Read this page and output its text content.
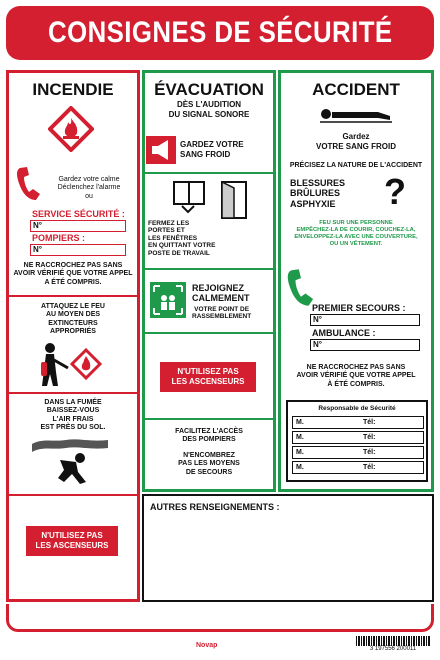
CONSIGNES DE SÉCURITÉ
INCENDIE
Gardez votre calme
Déclenchez l'alarme
ou
SERVICE SÉCURITÉ :
N°
POMPIERS :
N°
NE RACCROCHEZ PAS SANS
AVOIR VÉRIFIÉ QUE VOTRE APPEL
A ÉTÉ COMPRIS.
ATTAQUEZ LE FEU
AU MOYEN DES
EXTINCTEURS
APPROPRIÉS
DANS LA FUMÉE
BAISSEZ-VOUS
L'AIR FRAIS
EST PRÈS DU SOL.
N'UTILISEZ PAS
LES ASCENSEURS
ÉVACUATION
DÈS L'AUDITION
DU SIGNAL SONORE
GARDEZ VOTRE
SANG FROID
FERMEZ LES
PORTES ET
LES FENÊTRES
EN QUITTANT VOTRE
POSTE DE TRAVAIL
REJOIGNEZ
CALMEMENT
VOTRE POINT DE
RASSEMBLEMENT
N'UTILISEZ PAS
LES ASCENSEURS
FACILITEZ L'ACCÈS
DES POMPIERS
N'ENCOMBREZ
PAS LES MOYENS
DE SECOURS
ACCIDENT
Gardez
VOTRE SANG FROID
PRÉCISEZ LA NATURE DE L'ACCIDENT
BLESSURES
BRÛLURES
ASPHYXIE ?
FEU SUR UNE PERSONNE
EMPÊCHEZ-LA DE COURIR, COUCHEZ-LA,
ENVELOPPEZ-LA AVEC UNE COUVERTURE,
OU UN VÊTEMENT.
PREMIER SECOURS :
N°
AMBULANCE :
N°
NE RACCROCHEZ PAS SANS
AVOIR VÉRIFIÉ QUE VOTRE APPEL
À ÉTÉ COMPRIS.
Responsable de Sécurité
M.	Tél:
M.	Tél:
M.	Tél:
M.	Tél:
AUTRES RENSEIGNEMENTS :
Novap	3 197556 200011
